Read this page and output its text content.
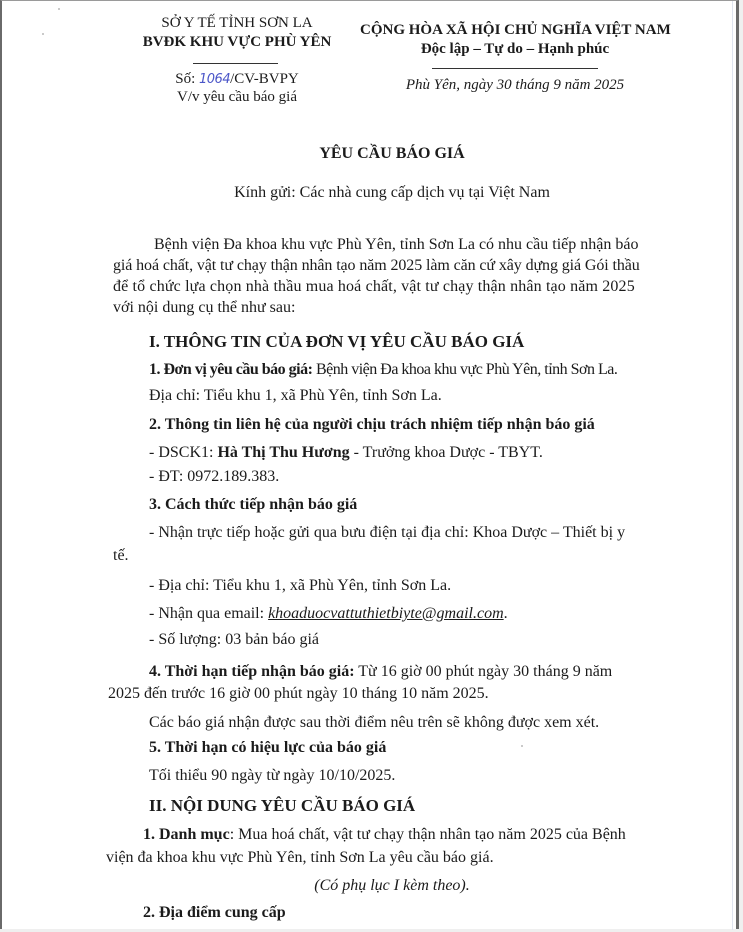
SỞ Y TẾ TỈNH SƠN LA
BVĐK KHU VỰC PHÙ YÊN
Số: 1064/CV-BVPY
V/v yêu cầu báo giá
CỘNG HÒA XÃ HỘI CHỦ NGHĨA VIỆT NAM
Độc lập – Tự do – Hạnh phúc
Phù Yên, ngày 30 tháng 9 năm 2025
YÊU CẦU BÁO GIÁ
Kính gửi: Các nhà cung cấp dịch vụ tại Việt Nam
Bệnh viện Đa khoa khu vực Phù Yên, tỉnh Sơn La có nhu cầu tiếp nhận báo
giá hoá chất, vật tư chạy thận nhân tạo năm 2025 làm căn cứ xây dựng giá Gói thầu
để tổ chức lựa chọn nhà thầu mua hoá chất, vật tư chạy thận nhân tạo năm 2025
với nội dung cụ thể như sau:
I. THÔNG TIN CỦA ĐƠN VỊ YÊU CẦU BÁO GIÁ
1. Đơn vị yêu cầu báo giá: Bệnh viện Đa khoa khu vực Phù Yên, tỉnh Sơn La.
Địa chỉ: Tiểu khu 1, xã Phù Yên, tỉnh Sơn La.
2. Thông tin liên hệ của người chịu trách nhiệm tiếp nhận báo giá
- DSCK1: Hà Thị Thu Hương - Trưởng khoa Dược - TBYT.
- ĐT: 0972.189.383.
3. Cách thức tiếp nhận báo giá
- Nhận trực tiếp hoặc gửi qua bưu điện tại địa chỉ: Khoa Dược – Thiết bị y
tế.
- Địa chỉ: Tiểu khu 1, xã Phù Yên, tỉnh Sơn La.
- Nhận qua email: khoaduocvattuthietbiyte@gmail.com.
- Số lượng: 03 bản báo giá
4. Thời hạn tiếp nhận báo giá: Từ 16 giờ 00 phút ngày 30 tháng 9 năm
2025 đến trước 16 giờ 00 phút ngày 10 tháng 10 năm 2025.
Các báo giá nhận được sau thời điểm nêu trên sẽ không được xem xét.
5. Thời hạn có hiệu lực của báo giá
Tối thiểu 90 ngày từ ngày 10/10/2025.
II. NỘI DUNG YÊU CẦU BÁO GIÁ
1. Danh mục: Mua hoá chất, vật tư chạy thận nhân tạo năm 2025 của Bệnh
viện đa khoa khu vực Phù Yên, tỉnh Sơn La yêu cầu báo giá.
(Có phụ lục I kèm theo).
2. Địa điểm cung cấp
